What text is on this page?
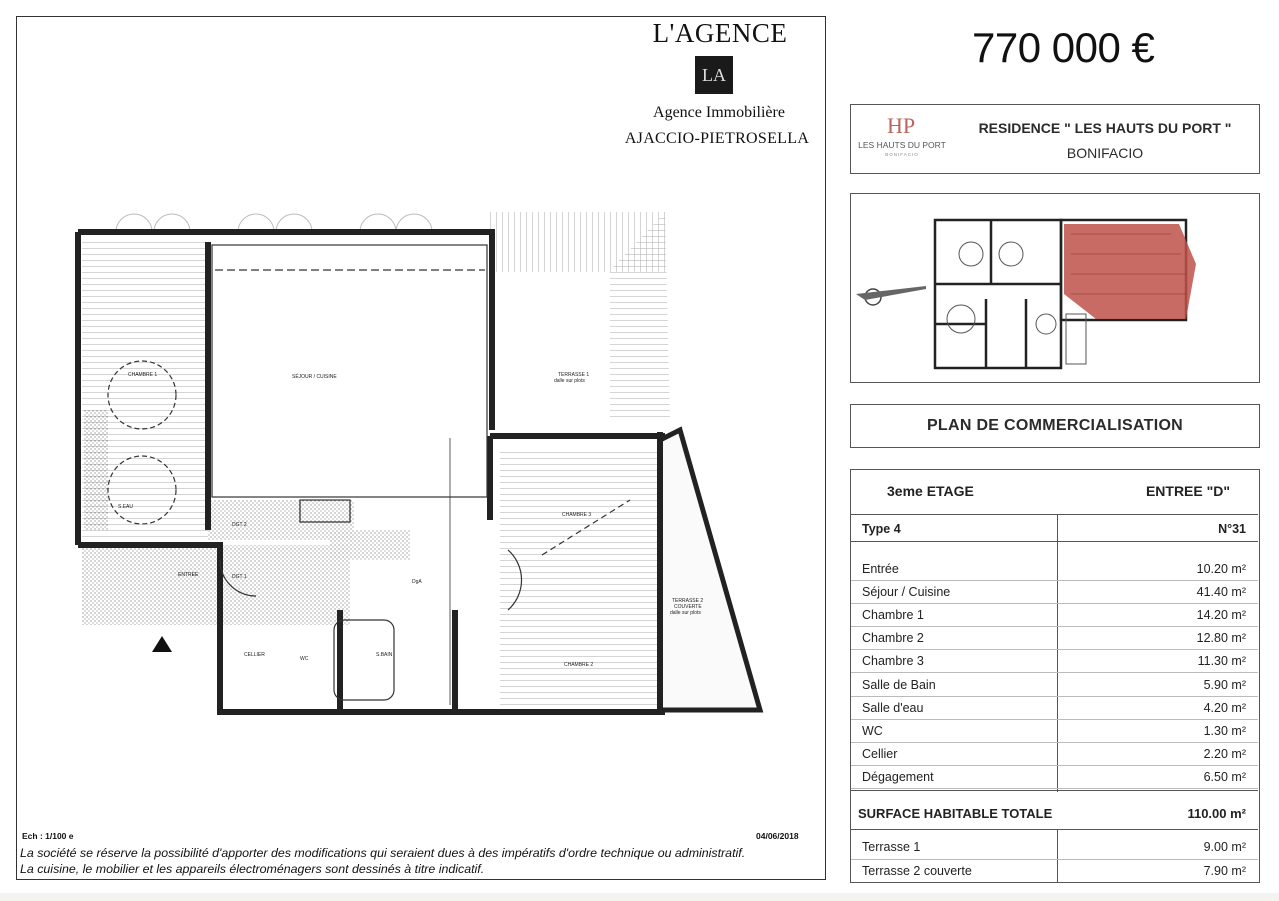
L'AGENCE
LA
Agence Immobilière
AJACCIO-PIETROSELLA
CHAMBRE 1	SÉJOUR / CUISINE	TERRASSE 1
dalle sur plots
CHAMBRE 3
CHAMBRE 2
TERRASSE 2
COUVERTE
dalle sur plots
S.EAU
DGT 2
DGT 1
ENTREE
DgA
CELLIER
WC
S.BAIN
Ech : 1/100 e	04/06/2018
La société se réserve la possibilité d'apporter des modifications qui seraient dues à des impératifs d'ordre technique ou administratif.
La cuisine, le mobilier et les appareils électroménagers sont dessinés à titre indicatif.
770 000 €
HP
LES HAUTS DU PORT
BONIFACIO
RESIDENCE " LES HAUTS DU PORT "
BONIFACIO
PLAN DE COMMERCIALISATION
3eme ETAGE	ENTREE "D"
Type 4	N°31
Entrée	10.20 m²
Séjour / Cuisine	41.40 m²
Chambre 1	14.20 m²
Chambre 2	12.80 m²
Chambre 3	11.30 m²
Salle de Bain	5.90 m²
Salle d'eau	4.20 m²
WC	1.30 m²
Cellier	2.20 m²
Dégagement	6.50 m²
SURFACE HABITABLE TOTALE	110.00 m²
Terrasse 1	9.00 m²
Terrasse 2 couverte	7.90 m²
